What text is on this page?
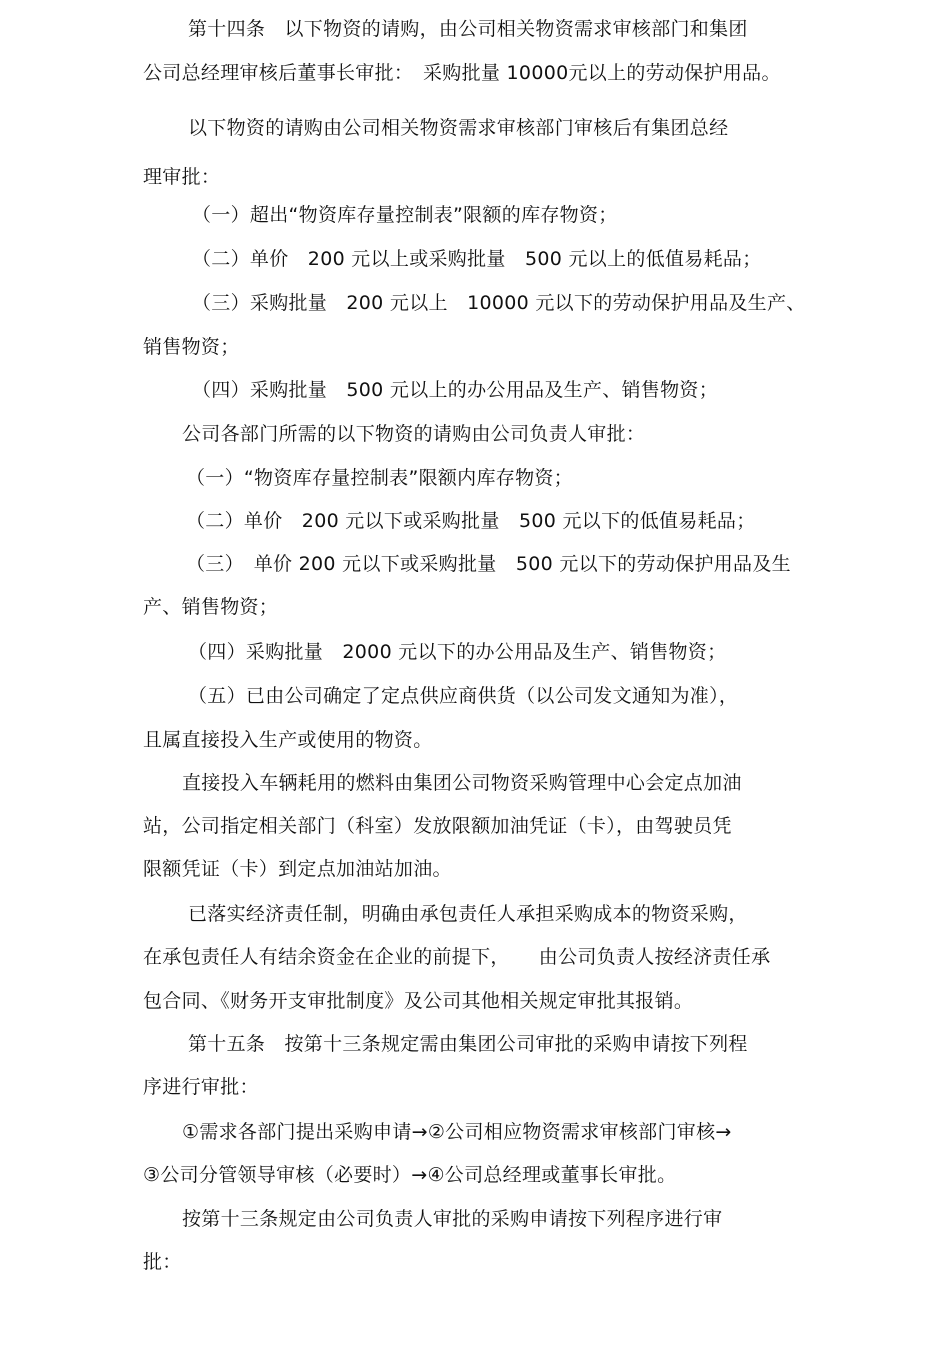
第十四条　以下物资的请购，由公司相关物资需求审核部门和集团
公司总经理审核后董事长审批：　采购批量 10000元以上的劳动保护用品。
以下物资的请购由公司相关物资需求审核部门审核后有集团总经
理审批：
（一）超出“物资库存量控制表”限额的库存物资；
（二）单价　200 元以上或采购批量　500 元以上的低值易耗品；
（三）采购批量　200 元以上　10000 元以下的劳动保护用品及生产、
销售物资；
（四）采购批量　500 元以上的办公用品及生产、销售物资；
公司各部门所需的以下物资的请购由公司负责人审批：
（一）“物资库存量控制表”限额内库存物资；
（二）单价　200 元以下或采购批量　500 元以下的低值易耗品；
（三）　单价 200 元以下或采购批量　500 元以下的劳动保护用品及生
产、销售物资；
（四）采购批量　2000 元以下的办公用品及生产、销售物资；
（五）已由公司确定了定点供应商供货（以公司发文通知为准），
且属直接投入生产或使用的物资。
直接投入车辆耗用的燃料由集团公司物资采购管理中心会定点加油
站，公司指定相关部门（科室）发放限额加油凭证（卡），由驾驶员凭
限额凭证（卡）到定点加油站加油。
已落实经济责任制，明确由承包责任人承担采购成本的物资采购，
在承包责任人有结余资金在企业的前提下，　　由公司负责人按经济责任承
包合同、《财务开支审批制度》及公司其他相关规定审批其报销。
第十五条　按第十三条规定需由集团公司审批的采购申请按下列程
序进行审批：
①需求各部门提出采购申请→②公司相应物资需求审核部门审核→
③公司分管领导审核（必要时）→④公司总经理或董事长审批。
按第十三条规定由公司负责人审批的采购申请按下列程序进行审
批：
